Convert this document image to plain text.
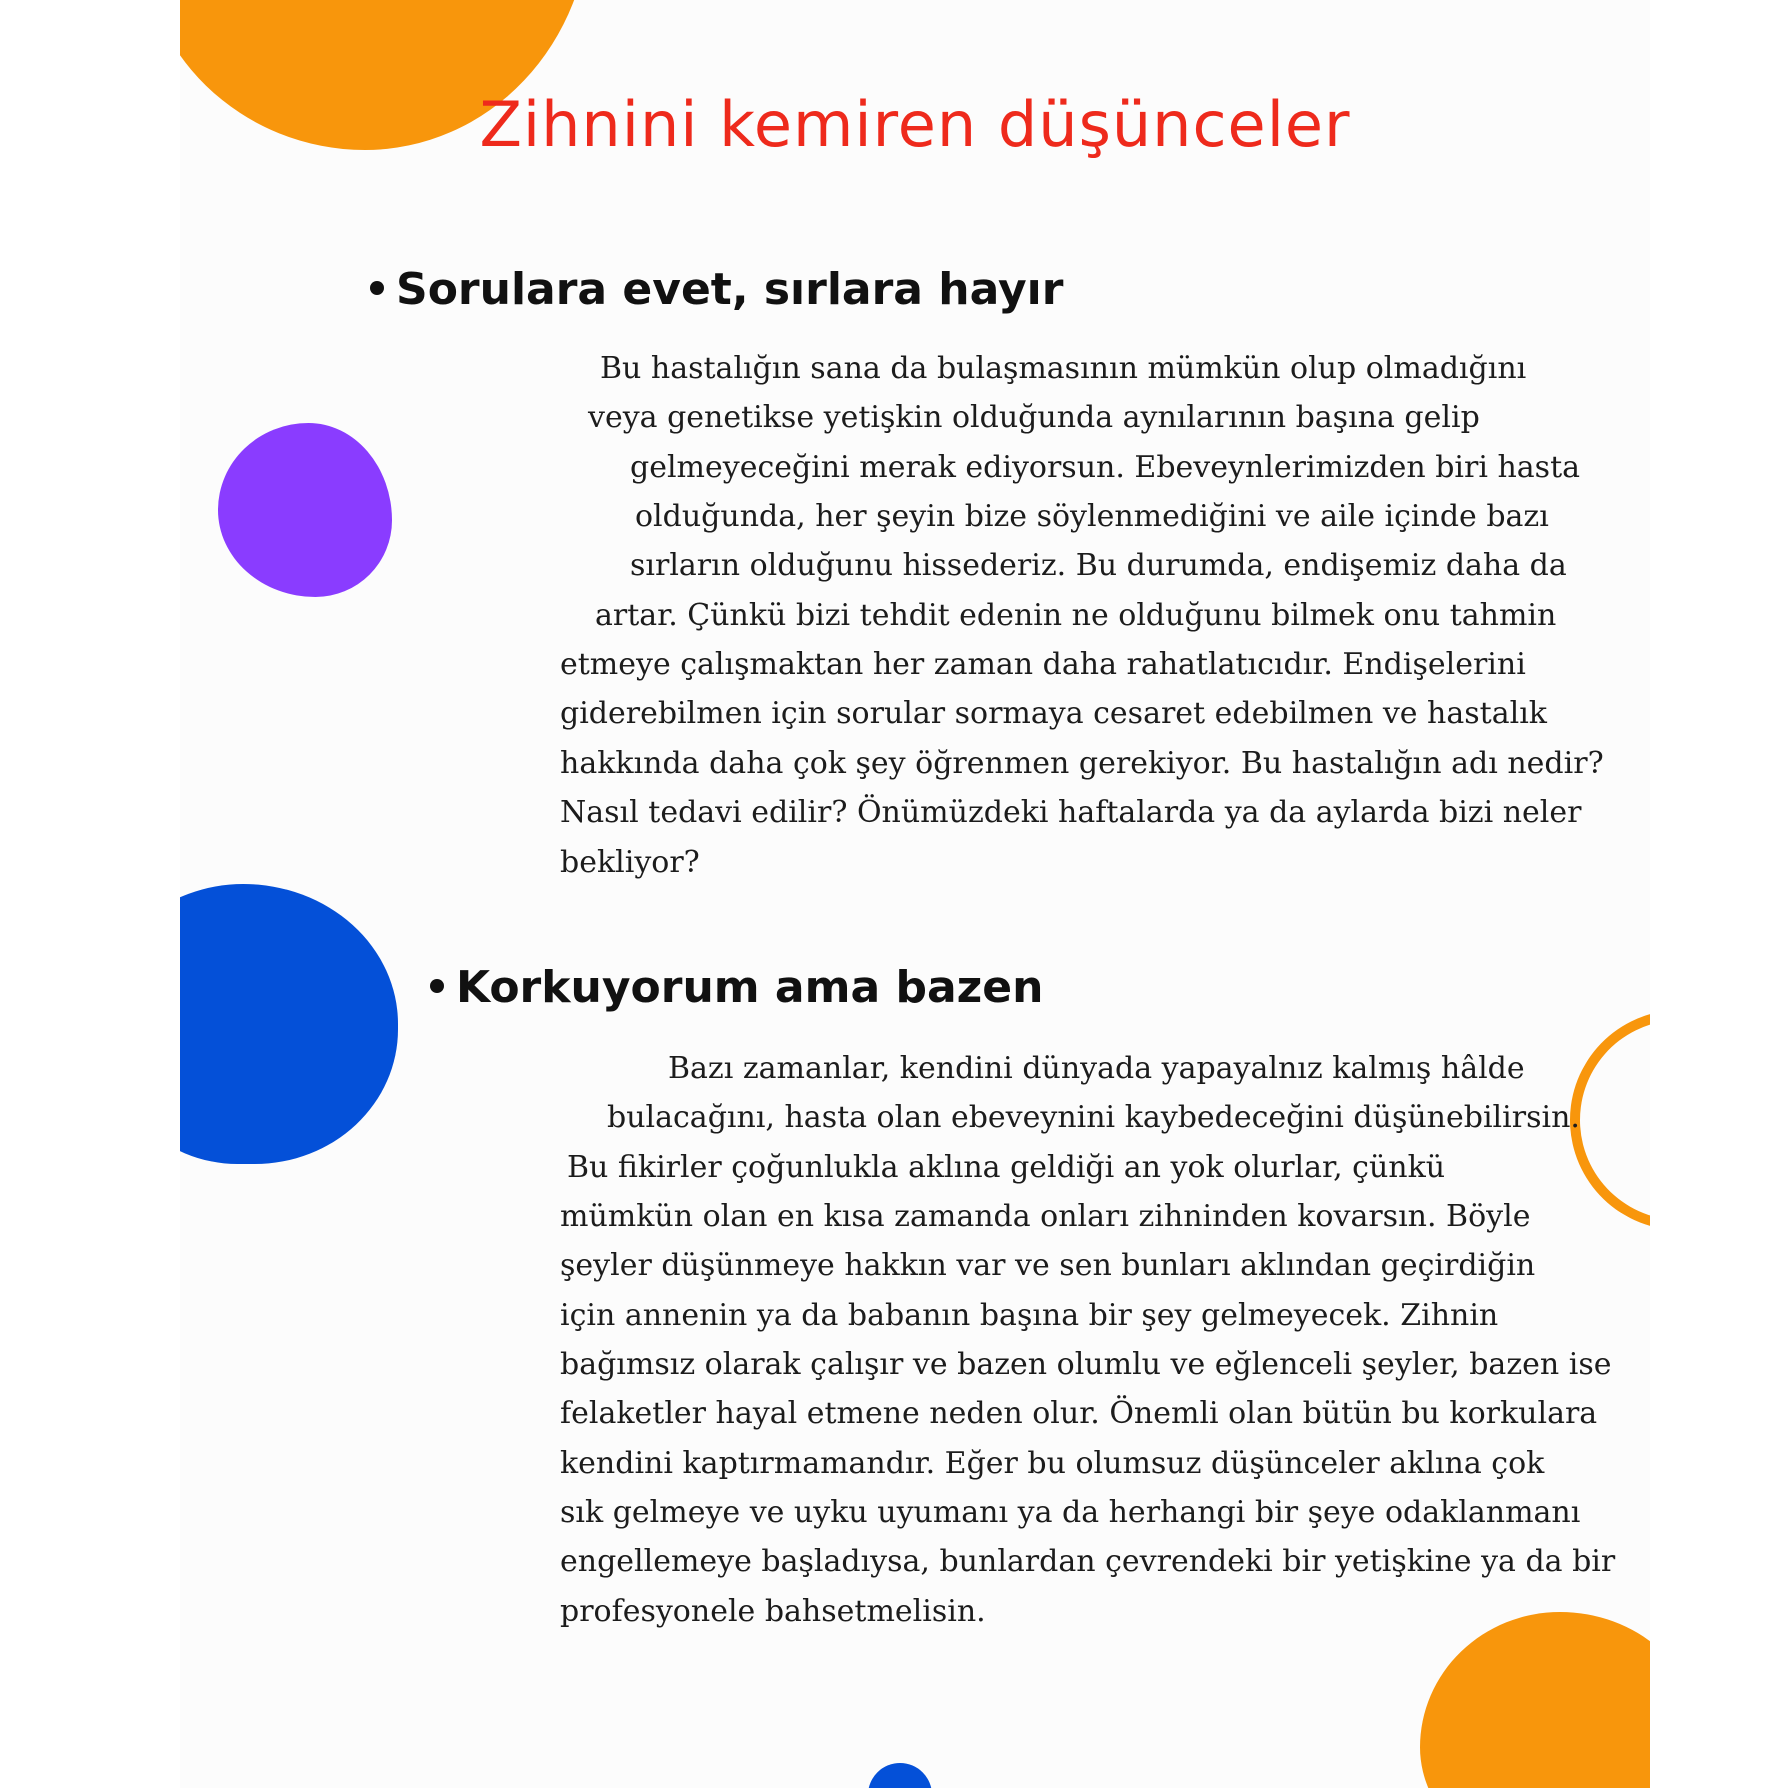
Zihnini kemiren düşünceler
Sorulara evet, sırlara hayır
Bu hastalığın sana da bulaşmasının mümkün olup olmadığını
veya genetikse yetişkin olduğunda aynılarının başına gelip
gelmeyeceğini merak ediyorsun. Ebeveynlerimizden biri hasta
olduğunda, her şeyin bize söylenmediğini ve aile içinde bazı
sırların olduğunu hissederiz. Bu durumda, endişemiz daha da
artar. Çünkü bizi tehdit edenin ne olduğunu bilmek onu tahmin
etmeye çalışmaktan her zaman daha rahatlatıcıdır. Endişelerini
giderebilmen için sorular sormaya cesaret edebilmen ve hastalık
hakkında daha çok şey öğrenmen gerekiyor. Bu hastalığın adı nedir?
Nasıl tedavi edilir? Önümüzdeki haftalarda ya da aylarda bizi neler
bekliyor?
Korkuyorum ama bazen
Bazı zamanlar, kendini dünyada yapayalnız kalmış hâlde
bulacağını, hasta olan ebeveynini kaybedeceğini düşünebilirsin.
Bu fikirler çoğunlukla aklına geldiği an yok olurlar, çünkü
mümkün olan en kısa zamanda onları zihninden kovarsın. Böyle
şeyler düşünmeye hakkın var ve sen bunları aklından geçirdiğin
için annenin ya da babanın başına bir şey gelmeyecek. Zihnin
bağımsız olarak çalışır ve bazen olumlu ve eğlenceli şeyler, bazen ise
felaketler hayal etmene neden olur. Önemli olan bütün bu korkulara
kendini kaptırmamandır. Eğer bu olumsuz düşünceler aklına çok
sık gelmeye ve uyku uyumanı ya da herhangi bir şeye odaklanmanı
engellemeye başladıysa, bunlardan çevrendeki bir yetişkine ya da bir
profesyonele bahsetmelisin.
